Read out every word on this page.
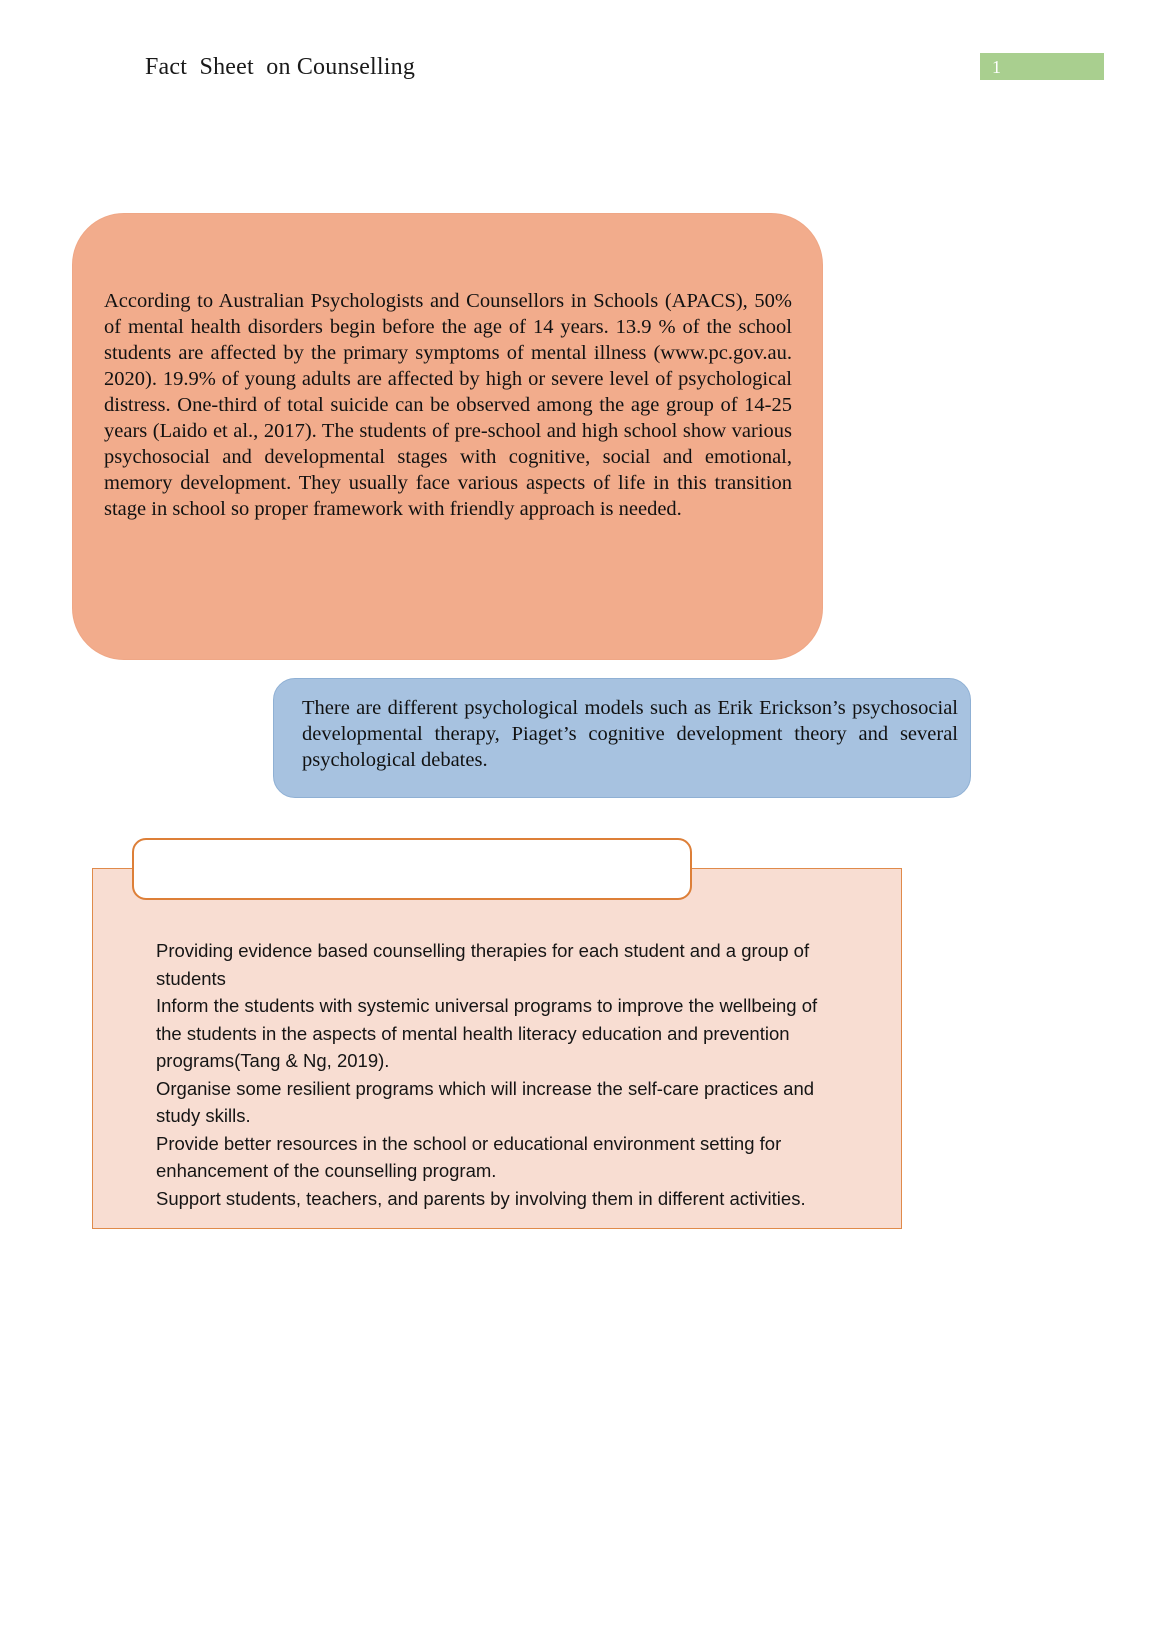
Fact  Sheet  on Counselling	1
According to Australian Psychologists and Counsellors in Schools (APACS), 50% of mental health disorders begin before the age of 14 years. 13.9 % of the school students are affected by the primary symptoms of mental illness (www.pc.gov.au. 2020). 19.9% of young adults are affected by high or severe level of psychological distress. One-third of total suicide can be observed among the age group of 14-25 years (Laido et al., 2017). The students of pre-school and high school show various psychosocial and developmental stages with cognitive, social and emotional, memory development. They usually face various aspects of life in this transition stage in school so proper framework with friendly approach is needed.
There are different psychological models such as Erik Erickson’s psychosocial developmental therapy, Piaget’s cognitive development theory and several psychological debates.

Providing evidence based counselling therapies for each student and a group of students

Inform the students with systemic universal programs to improve the wellbeing of the students in the aspects of mental health literacy education and prevention programs(Tang & Ng, 2019).

Organise some resilient programs which will increase the self-care practices and study skills.

Provide better resources in the school or educational environment setting for enhancement of the counselling program.

Support students, teachers, and parents by involving them in different activities.
